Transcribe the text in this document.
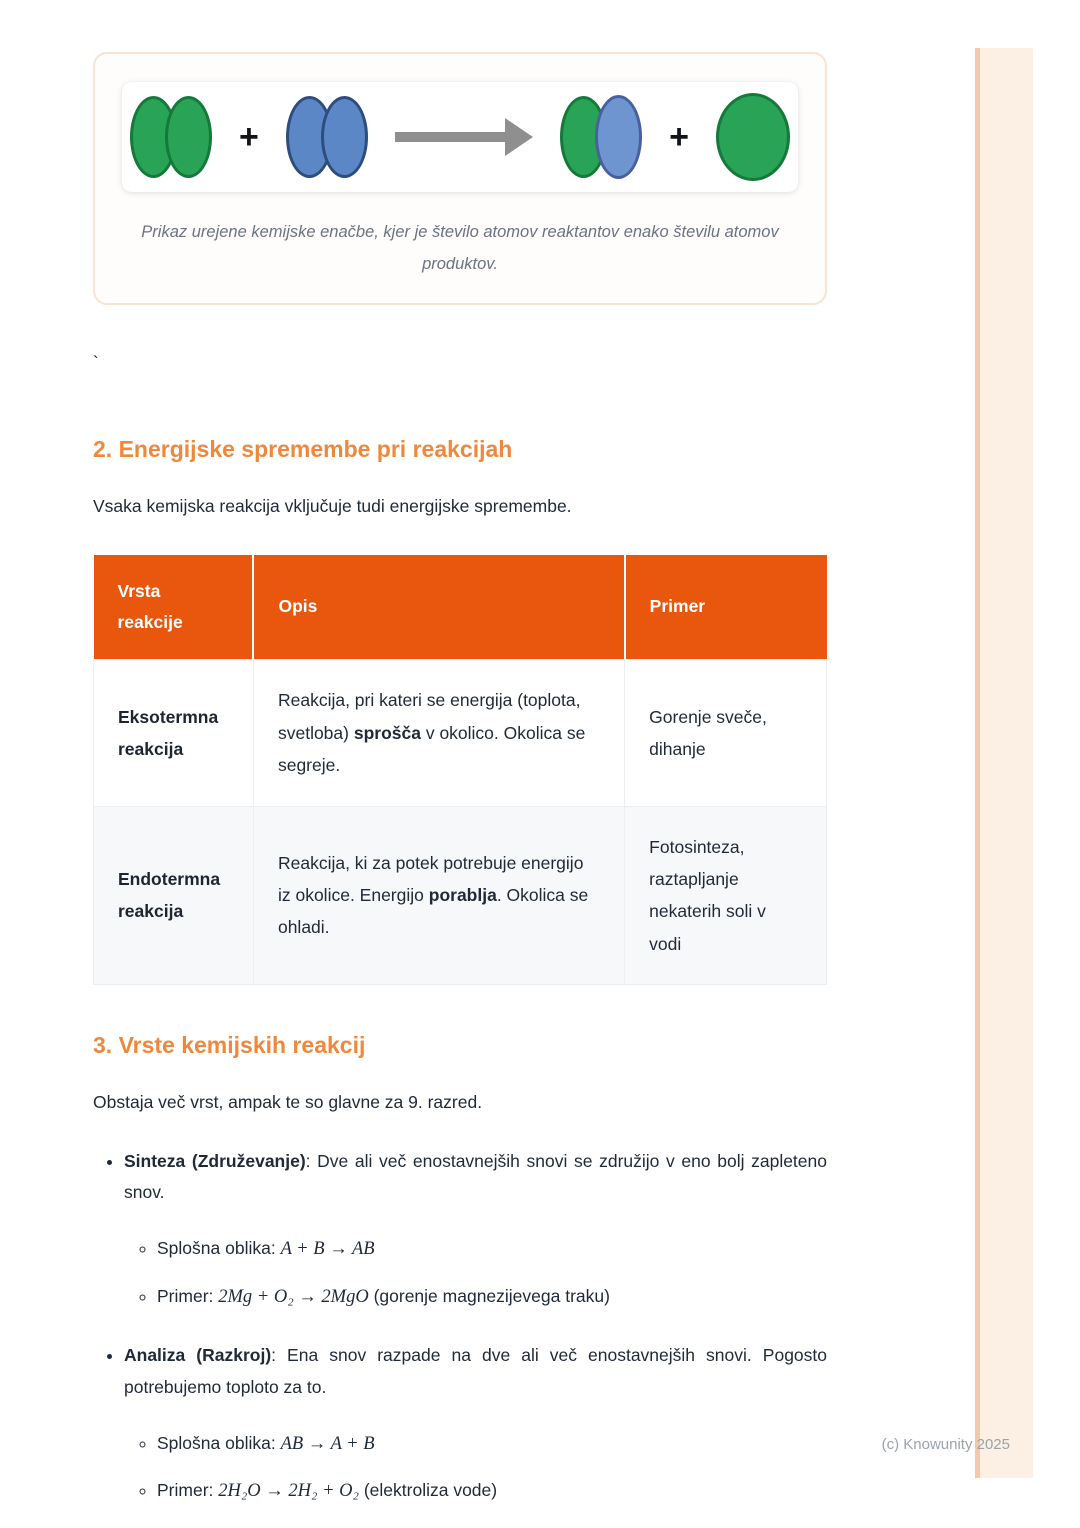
(c) Knowunity 2025
+	+
Prikaz urejene kemijske enačbe, kjer je število atomov reaktantov enako številu atomov produktov.
`
2. Energijske spremembe pri reakcijah

Vsaka kemijska reakcija vključuje tudi energijske spremembe.

Vrsta reakcije	Opis	Primer
Eksotermna reakcija	Reakcija, pri kateri se energija (toplota, svetloba) sprošča v okolico. Okolica se segreje.	Gorenje sveče, dihanje
Endotermna reakcija	Reakcija, ki za potek potrebuje energijo iz okolice. Energijo porablja. Okolica se ohladi.	Fotosinteza, raztapljanje nekaterih soli v vodi
3. Vrste kemijskih reakcij

Obstaja več vrst, ampak te so glavne za 9. razred.

• Sinteza (Združevanje): Dve ali več enostavnejših snovi se združijo v eno bolj zapleteno snov.
◦ Splošna oblika: A + B → AB
◦ Primer: 2Mg + O₂ → 2MgO (gorenje magnezijevega traku)
• Analiza (Razkroj): Ena snov razpade na dve ali več enostavnejših snovi. Pogosto potrebujemo toploto za to.
◦ Splošna oblika: AB → A + B
◦ Primer: 2H₂O → 2H₂ + O₂ (elektroliza vode)
